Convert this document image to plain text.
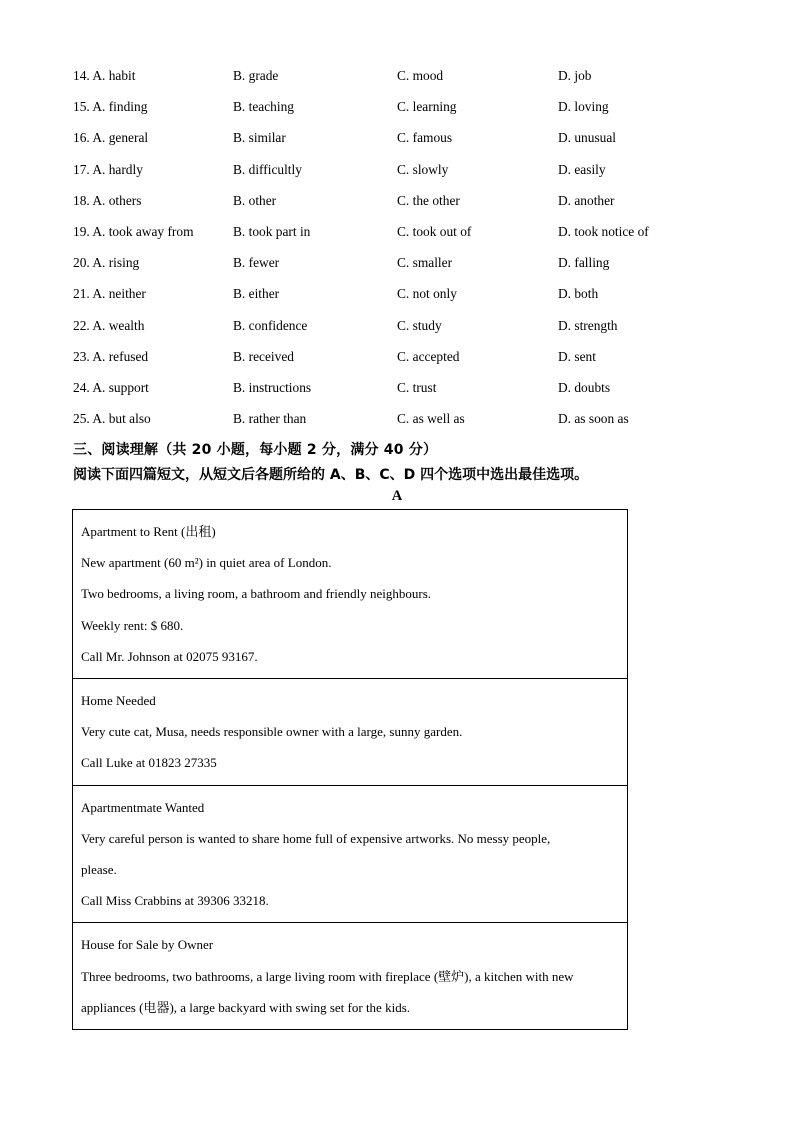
14. A. habit	B. grade	C. mood	D. job
15. A. finding	B. teaching	C. learning	D. loving
16. A. general	B. similar	C. famous	D. unusual
17. A. hardly	B. difficultly	C. slowly	D. easily
18. A. others	B. other	C. the other	D. another
19. A. took away from	B. took part in	C. took out of	D. took notice of
20. A. rising	B. fewer	C. smaller	D. falling
21. A. neither	B. either	C. not only	D. both
22. A. wealth	B. confidence	C. study	D. strength
23. A. refused	B. received	C. accepted	D. sent
24. A. support	B. instructions	C. trust	D. doubts
25. A. but also	B. rather than	C. as well as	D. as soon as
三、阅读理解（共 20 小题，每小题 2 分，满分 40 分）
阅读下面四篇短文，从短文后各题所给的 A、B、C、D 四个选项中选出最佳选项。
A
Apartment to Rent (出租)
New apartment (60 m²) in quiet area of London.
Two bedrooms, a living room, a bathroom and friendly neighbours.
Weekly rent: $ 680.
Call Mr. Johnson at 02075 93167.

Home Needed
Very cute cat, Musa, needs responsible owner with a large, sunny garden.
Call Luke at 01823 27335

Apartmentmate Wanted
Very careful person is wanted to share home full of expensive artworks. No messy people,
please.
Call Miss Crabbins at 39306 33218.

House for Sale by Owner
Three bedrooms, two bathrooms, a large living room with fireplace (壁炉), a kitchen with new
appliances (电器), a large backyard with swing set for the kids.
